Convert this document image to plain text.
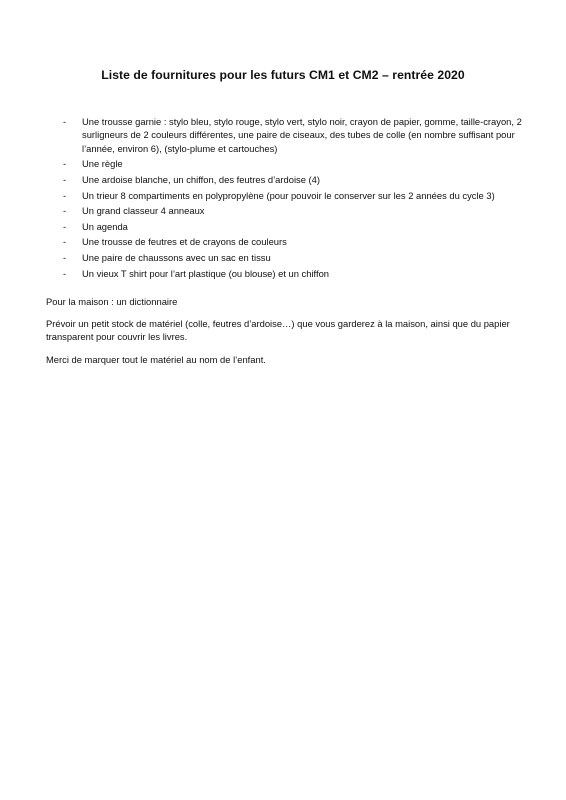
Liste de fournitures pour les futurs CM1 et CM2 – rentrée 2020
- Une trousse garnie : stylo bleu, stylo rouge, stylo vert, stylo noir, crayon de papier, gomme, taille-crayon, 2 surligneurs de 2 couleurs différentes, une paire de ciseaux, des tubes de colle (en nombre suffisant pour l’année, environ 6), (stylo-plume et cartouches)
- Une règle
- Une ardoise blanche, un chiffon, des feutres d’ardoise (4)
- Un trieur 8 compartiments en polypropylène (pour pouvoir le conserver sur les 2 années du cycle 3)
- Un grand classeur 4 anneaux
- Un agenda
- Une trousse de feutres et de crayons de couleurs
- Une paire de chaussons avec un sac en tissu
- Un vieux T shirt pour l’art plastique (ou blouse) et un chiffon

Pour la maison : un dictionnaire

Prévoir un petit stock de matériel (colle, feutres d’ardoise…) que vous garderez à la maison, ainsi que du papier transparent pour couvrir les livres.

Merci de marquer tout le matériel au nom de l’enfant.
